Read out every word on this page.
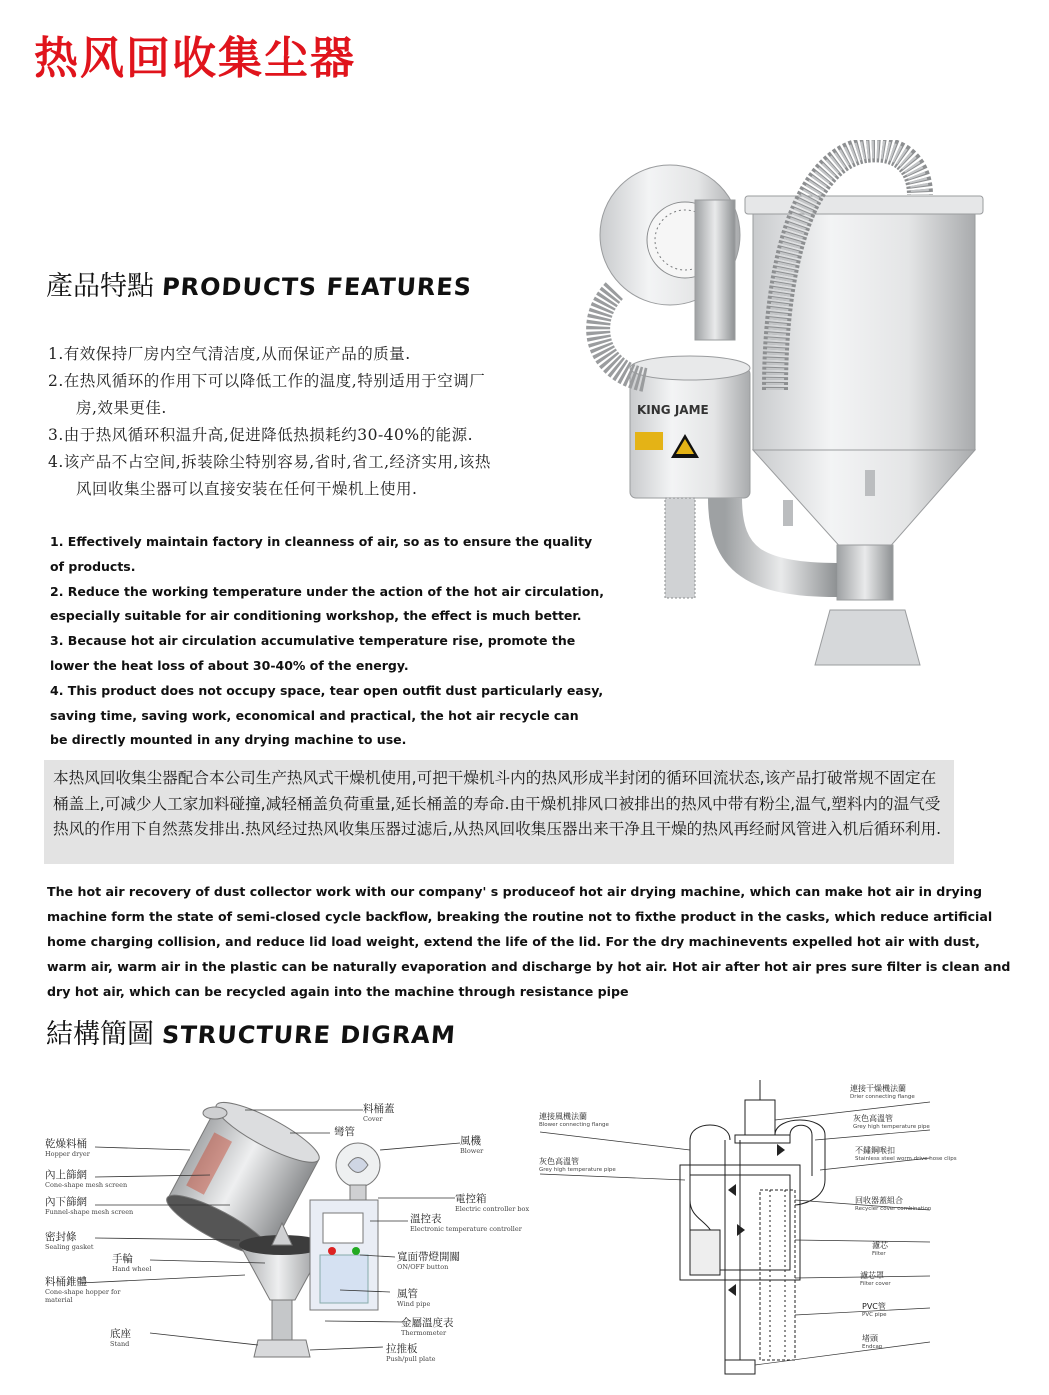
热风回收集尘器
產品特點 PRODUCTS FEATURES
1.有效保持厂房内空气清洁度,从而保证产品的质量.
2.在热风循环的作用下可以降低工作的温度,特别适用于空调厂
房,效果更佳.
3.由于热风循环积温升高,促进降低热损耗约30-40%的能源.
4.该产品不占空间,拆装除尘特别容易,省时,省工,经济实用,该热
风回收集尘器可以直接安装在任何干燥机上使用.
1. Effectively maintain factory in cleanness of air, so as to ensure the quality
of products.
2. Reduce the working temperature under the action of the hot air circulation,
especially suitable for air conditioning workshop, the effect is much better.
3. Because hot air circulation accumulative temperature rise, promote the
lower the heat loss of about 30-40% of the energy.
4. This product does not occupy space, tear open outfit dust particularly easy,
saving time, saving work, economical and practical, the hot air recycle can
be directly mounted in any drying machine to use.
KING JAME

本热风回收集尘器配合本公司生产热风式干燥机使用,可把干燥机斗内的热风形成半封闭的循环回流状态,该产品打破常规不固定在桶盖上,可减少人工家加料碰撞,减轻桶盖负荷重量,延长桶盖的寿命.由干燥机排风口被排出的热风中带有粉尘,温气,塑料内的温气受热风的作用下自然蒸发排出.热风经过热风收集压器过滤后,从热风回收集压器出来干净且干燥的热风再经耐风管进入机后循环利用.

The hot air recovery of dust collector work with our company' s produceof hot air drying machine, which can make hot air in drying machine form the state of semi-closed cycle backflow, breaking the routine not to fixthe product in the casks, which reduce artificial home charging collision, and reduce lid load weight, extend the life of the lid. For the dry machinevents expelled hot air with dust, warm air, warm air in the plastic can be naturally evaporation and discharge by hot air. Hot air after hot air pres sure filter is clean and dry hot air, which can be recycled again into the machine through resistance pipe
結構簡圖 STRUCTURE DIGRAM
料桶蓋
Cover
彎管
風機
Blower
乾燥料桶
Hopper dryer
內上篩網
Cone-shape mesh screen
內下篩網
Funnel-shape mesh screen
電控箱
Electric controller box
溫控表
Electronic temperature controller
密封條
Sealing gasket
手輪
Hand wheel
寬面帶燈開關
ON/OFF button
料桶錐體
Cone-shape hopper for material	風管
Wind pipe
金屬溫度表
Thermometer
底座
Stand	拉推板
Push/pull plate
連接干燥機法蘭
Drier connecting flange
灰色高溫管
Grey high temperature pipe
連接風機法蘭
Blower connecting flange
不鏽鋼喉扣
Stainless steel worm drive hose clips
灰色高溫管
Grey high temperature pipe
回收器蓋組合
Recycler cover combination
濾芯
Filter
濾芯罩
Filter cover
PVC管
PVC pipe
堵頭
Endcap
